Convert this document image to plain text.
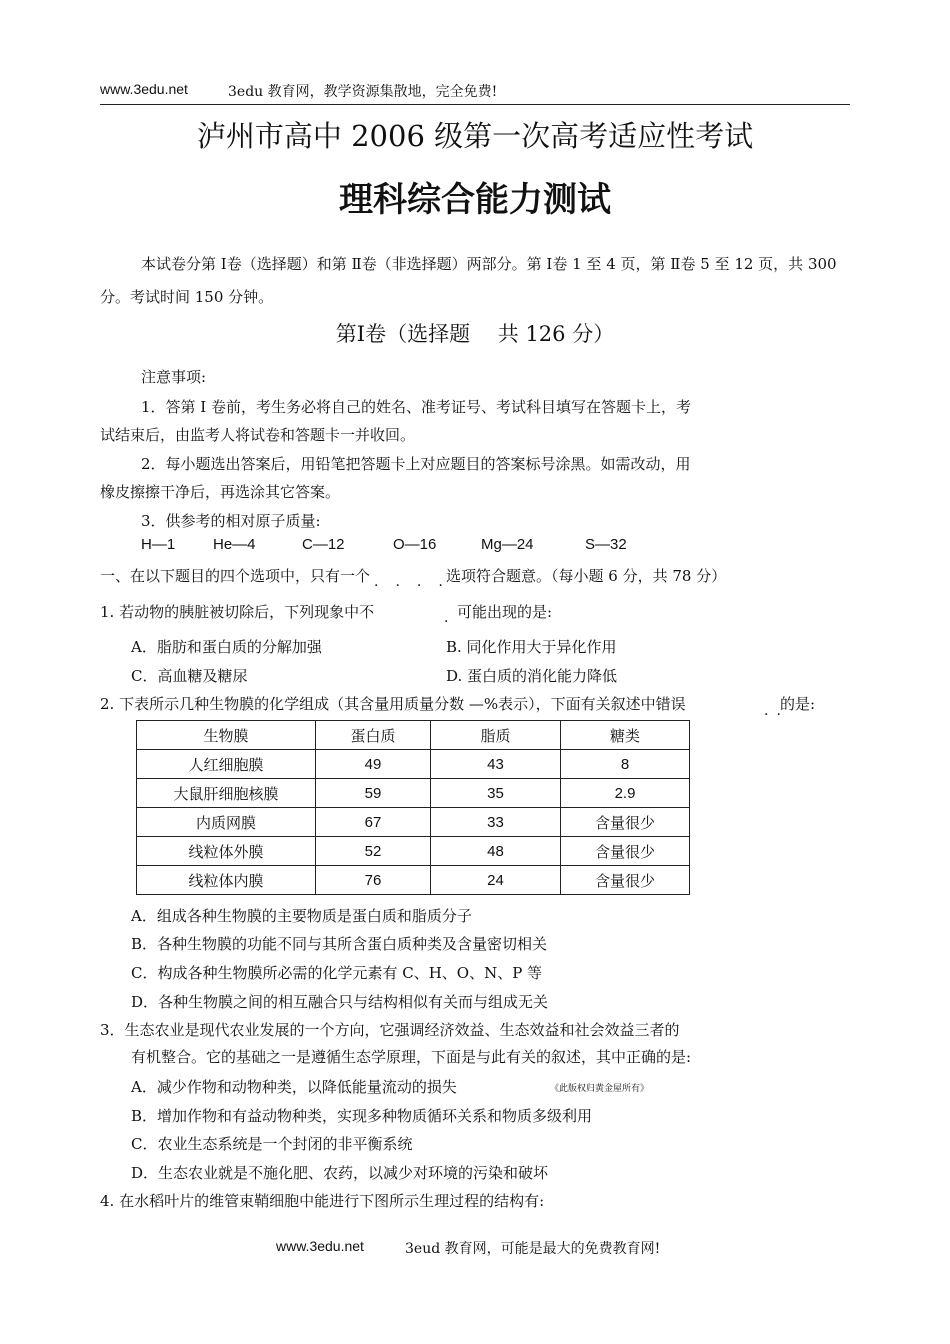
www.3edu.net	3edu 教育网，教学资源集散地，完全免费!
泸州市高中 2006 级第一次高考适应性考试
理科综合能力测试
本试卷分第 Ⅰ卷（选择题）和第 Ⅱ卷（非选择题）两部分。第 Ⅰ卷 1 至 4 页，第 Ⅱ卷 5 至 12 页，共 300 分。考试时间 150 分钟。
第Ⅰ卷（选择题　 共 126 分）
注意事项:
1．答第 Ⅰ 卷前，考生务必将自己的姓名、准考证号、考试科目填写在答题卡上，考
试结束后，由监考人将试卷和答题卡一并收回。
2．每小题选出答案后，用铅笔把答题卡上对应题目的答案标号涂黑。如需改动，用
橡皮擦擦干净后，再选涂其它答案。
3．供参考的相对原子质量:
H—1	He—4	C—12	O—16	Mg—24	S—32
一、在以下题目的四个选项中，只有一个 ....
选项符合题意。（每小题 6 分，共 78 分）
1. 若动物的胰脏被切除后，下列现象中不	. 可能出现的是:
A．脂肪和蛋白质的分解加强	B. 同化作用大于异化作用
C．高血糖及糖尿	D. 蛋白质的消化能力降低
2. 下表所示几种生物膜的化学组成（其含量用质量分数 —%表示），下面有关叙述中错误	..
的是:
生物膜	蛋白质	脂质	糖类
人红细胞膜	49	43	8
大鼠肝细胞核膜	59	35	2.9
内质网膜	67	33	含量很少
线粒体外膜	52	48	含量很少
线粒体内膜	76	24	含量很少
A．组成各种生物膜的主要物质是蛋白质和脂质分子
B．各种生物膜的功能不同与其所含蛋白质种类及含量密切相关
C．构成各种生物膜所必需的化学元素有 C、H、O、N、P 等
D．各种生物膜之间的相互融合只与结构相似有关而与组成无关
3．生态农业是现代农业发展的一个方向，它强调经济效益、生态效益和社会效益三者的
有机整合。它的基础之一是遵循生态学原理，下面是与此有关的叙述，其中正确的是:
A．减少作物和动物种类，以降低能量流动的损失	《此版权归黄金屋所有》
B．增加作物和有益动物种类，实现多种物质循环关系和物质多级利用
C．农业生态系统是一个封闭的非平衡系统
D．生态农业就是不施化肥、农药，以减少对环境的污染和破坏
4. 在水稻叶片的维管束鞘细胞中能进行下图所示生理过程的结构有:
www.3edu.net	3eud 教育网，可能是最大的免费教育网!
